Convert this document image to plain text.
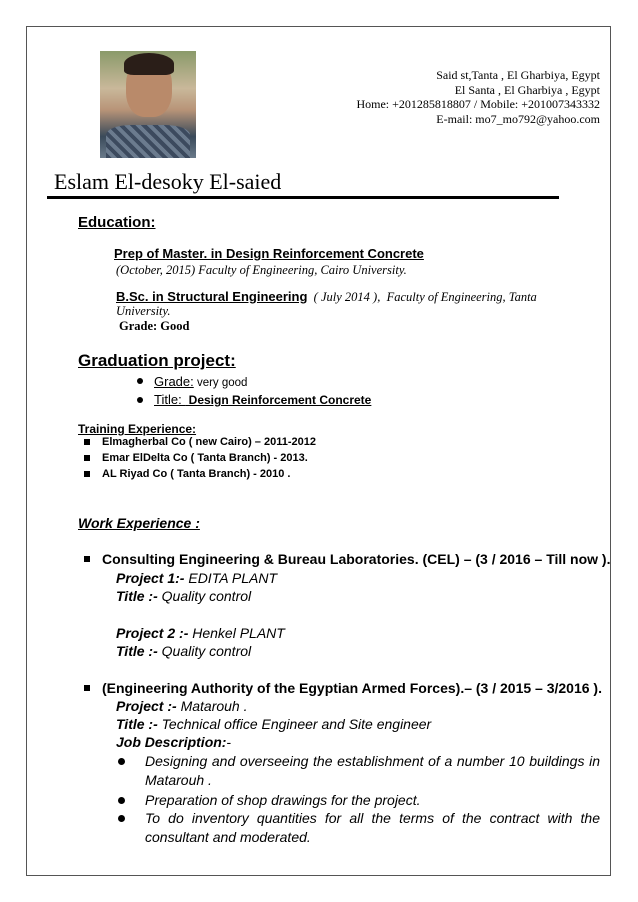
Said st,Tanta , El Gharbiya, Egypt
El Santa , El Gharbiya , Egypt
Home: +201285818807 / Mobile: +201007343332
E-mail: mo7_mo792@yahoo.com
Eslam El-desoky El-saied
Education:
Prep of Master. in Design Reinforcement Concrete
(October, 2015) Faculty of Engineering, Cairo University.
B.Sc. in Structural Engineering  ( July 2014 ),  Faculty of Engineering, Tanta
University.
Grade: Good
Graduation project:
Grade: very good
Title:  Design Reinforcement Concrete
Training Experience:
Elmagherbal Co ( new Cairo) – 2011-2012
Emar ElDelta Co ( Tanta Branch) - 2013.
AL Riyad Co ( Tanta Branch) - 2010 .
Work Experience :
Consulting Engineering & Bureau Laboratories. (CEL) – (3 / 2016 – Till now ).
Project 1:- EDITA PLANT
Title :- Quality control
Project 2 :- Henkel PLANT
Title :- Quality control
(Engineering Authority of the Egyptian Armed Forces).– (3 / 2015 – 3/2016 ).
Project :- Matarouh .
Title :- Technical office Engineer and Site engineer
Job Description:-
Designing and overseeing the establishment of a number 10 buildings in Matarouh .
Preparation of shop drawings for the project.
To do inventory quantities for all the terms of the contract with the consultant and moderated.
